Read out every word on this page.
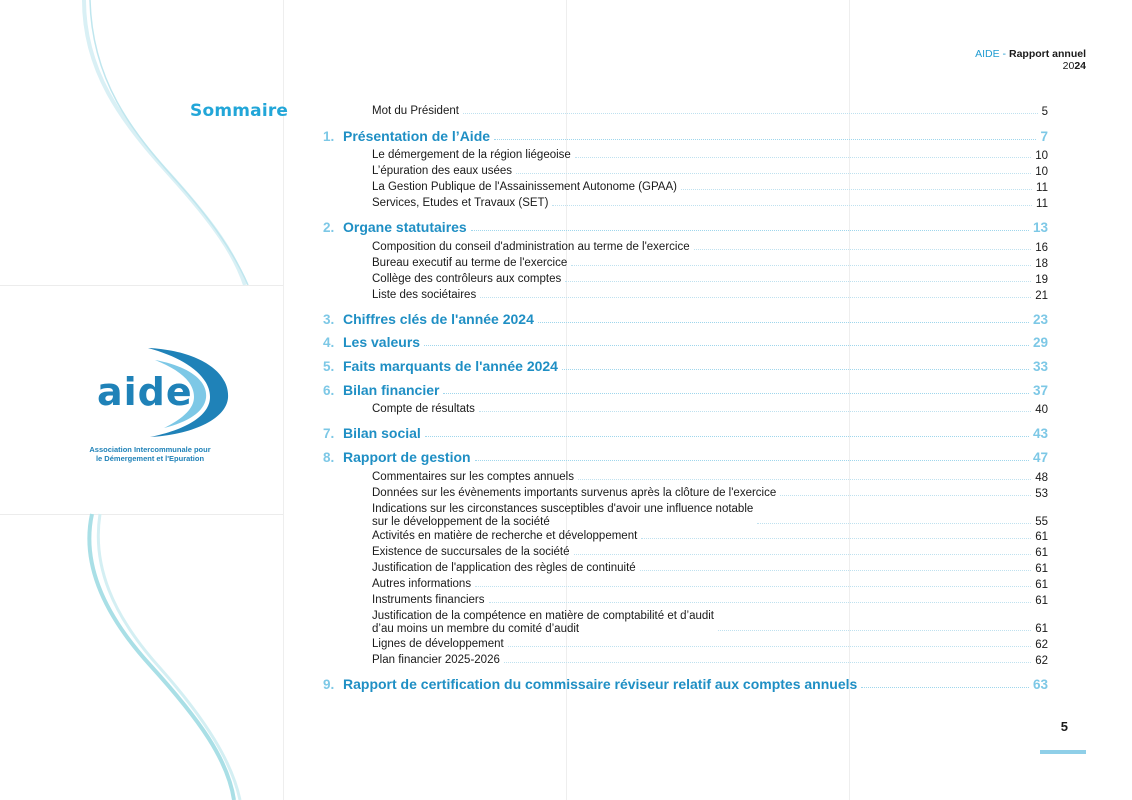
aide
Association Intercommunale pour
le Démergement et l'Epuration
AIDE - Rapport annuel
2024
Sommaire	Mot du Président	5
1. Présentation de l’Aide	7
Le démergement de la région liégeoise	10
L’épuration des eaux usées	10
La Gestion Publique de l'Assainissement Autonome (GPAA)	11
Services, Etudes et Travaux (SET)	11
2. Organe statutaires	13
Composition du conseil d'administration au terme de l'exercice	16
Bureau executif au terme de l'exercice	18
Collège des contrôleurs aux comptes	19
Liste des sociétaires	21
3. Chiffres clés de l'année 2024	23
4. Les valeurs	29
5. Faits marquants de l'année 2024	33
6. Bilan financier	37
Compte de résultats	40
7. Bilan social	43
8. Rapport de gestion	47
Commentaires sur les comptes annuels	48
Données sur les évènements importants survenus après la clôture de l'exercice	53
Indications sur les circonstances susceptibles d'avoir une influence notable
sur le développement de la société	55
Activités en matière de recherche et développement	61
Existence de succursales de la société	61
Justification de l'application des règles de continuité	61
Autres informations	61
Instruments financiers	61
Justification de la compétence en matière de comptabilité et d’audit
d’au moins un membre du comité d’audit	61
Lignes de développement	62
Plan financier 2025-2026	62
9. Rapport de certification du commissaire réviseur relatif aux comptes annuels	63
5
